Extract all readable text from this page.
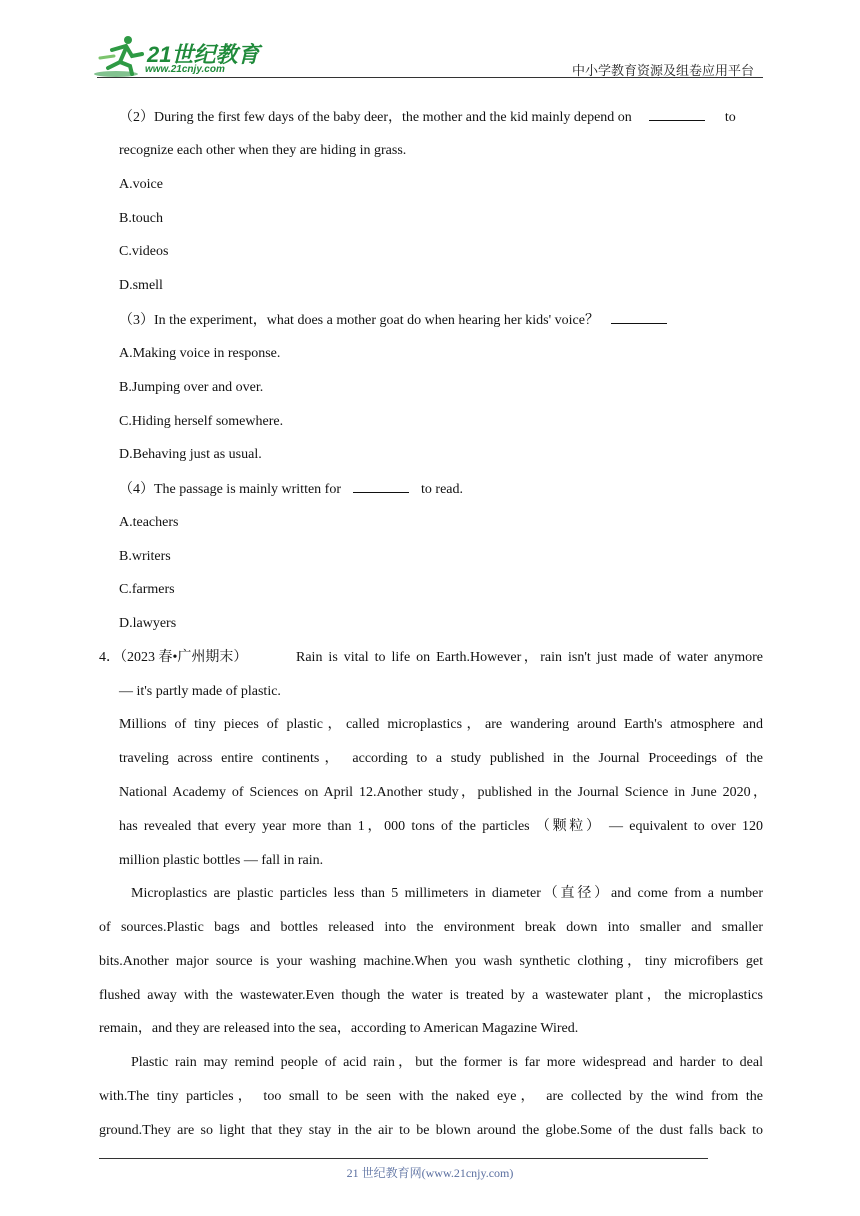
21世纪教育
www.21cnjy.com	中小学教育资源及组卷应用平台
（2）During the first few days of the baby deer，the mother and the kid mainly depend on	to
recognize each other when they are hiding in grass.
A.voice
B.touch
C.videos
D.smell
（3）In the experiment，what does a mother goat do when hearing her kids' voice？
A.Making voice in response.
B.Jumping over and over.
C.Hiding herself somewhere.
D.Behaving just as usual.
（4）The passage is mainly written for	to read.
A.teachers
B.writers
C.farmers
D.lawyers
4．（2023 春•广州期末）	Rain is vital to life on Earth.However，rain isn't just made of water anymore
— it's partly made of plastic.
Millions of tiny pieces of plastic，called microplastics，are wandering around Earth's atmosphere and
traveling across entire continents， according to a study published in the Journal Proceedings of the
National Academy of Sciences on April 12.Another study，published in the Journal Science in June 2020，
has revealed that every year more than 1，000 tons of the particles （颗粒） — equivalent to over 120
million plastic bottles — fall in rain.
Microplastics are plastic particles less than 5 millimeters in diameter（直径）and come from a number
of sources.Plastic bags and bottles released into the environment break down into smaller and smaller
bits.Another major source is your washing machine.When you wash synthetic clothing，tiny microfibers get
flushed away with the wastewater.Even though the water is treated by a wastewater plant，the microplastics
remain，and they are released into the sea，according to American Magazine Wired.
Plastic rain may remind people of acid rain，but the former is far more widespread and harder to deal
with.The tiny particles， too small to be seen with the naked eye， are collected by the wind from the
ground.They are so light that they stay in the air to be blown around the globe.Some of the dust falls back to
21 世纪教育网(www.21cnjy.com)
